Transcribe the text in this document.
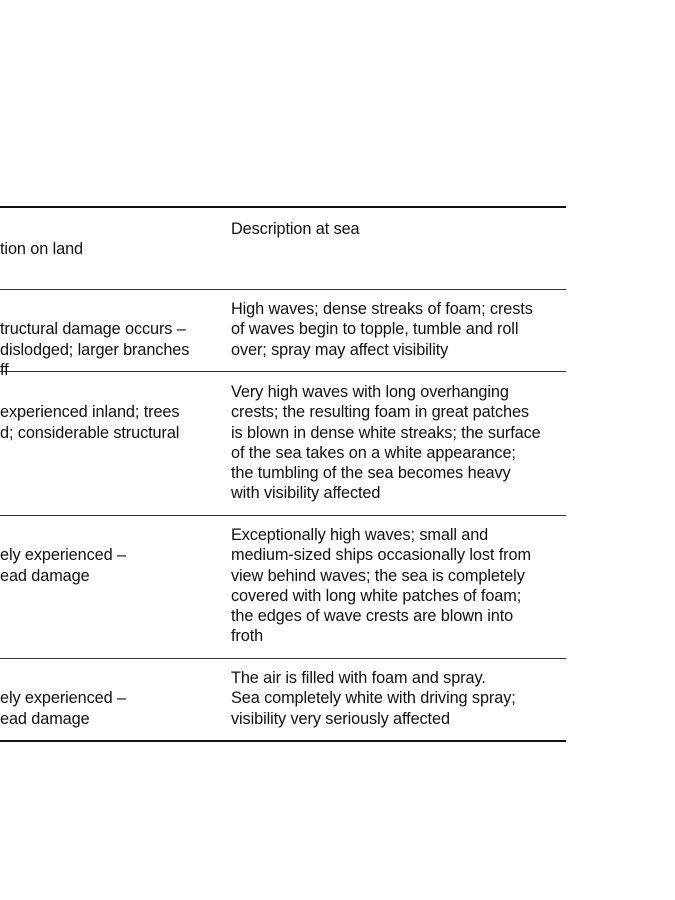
tion on land

Description at sea

tructural damage occurs –
dislodged; larger branches
ff

High waves; dense streaks of foam; crests
of waves begin to topple, tumble and roll
over; spray may affect visibility

experienced inland; trees
d; considerable structural

Very high waves with long overhanging
crests; the resulting foam in great patches
is blown in dense white streaks; the surface
of the sea takes on a white appearance;
the tumbling of the sea becomes heavy
with visibility affected

ely experienced –
ead damage

Exceptionally high waves; small and
medium-sized ships occasionally lost from
view behind waves; the sea is completely
covered with long white patches of foam;
the edges of wave crests are blown into
froth

ely experienced –
ead damage

The air is filled with foam and spray.
Sea completely white with driving spray;
visibility very seriously affected
